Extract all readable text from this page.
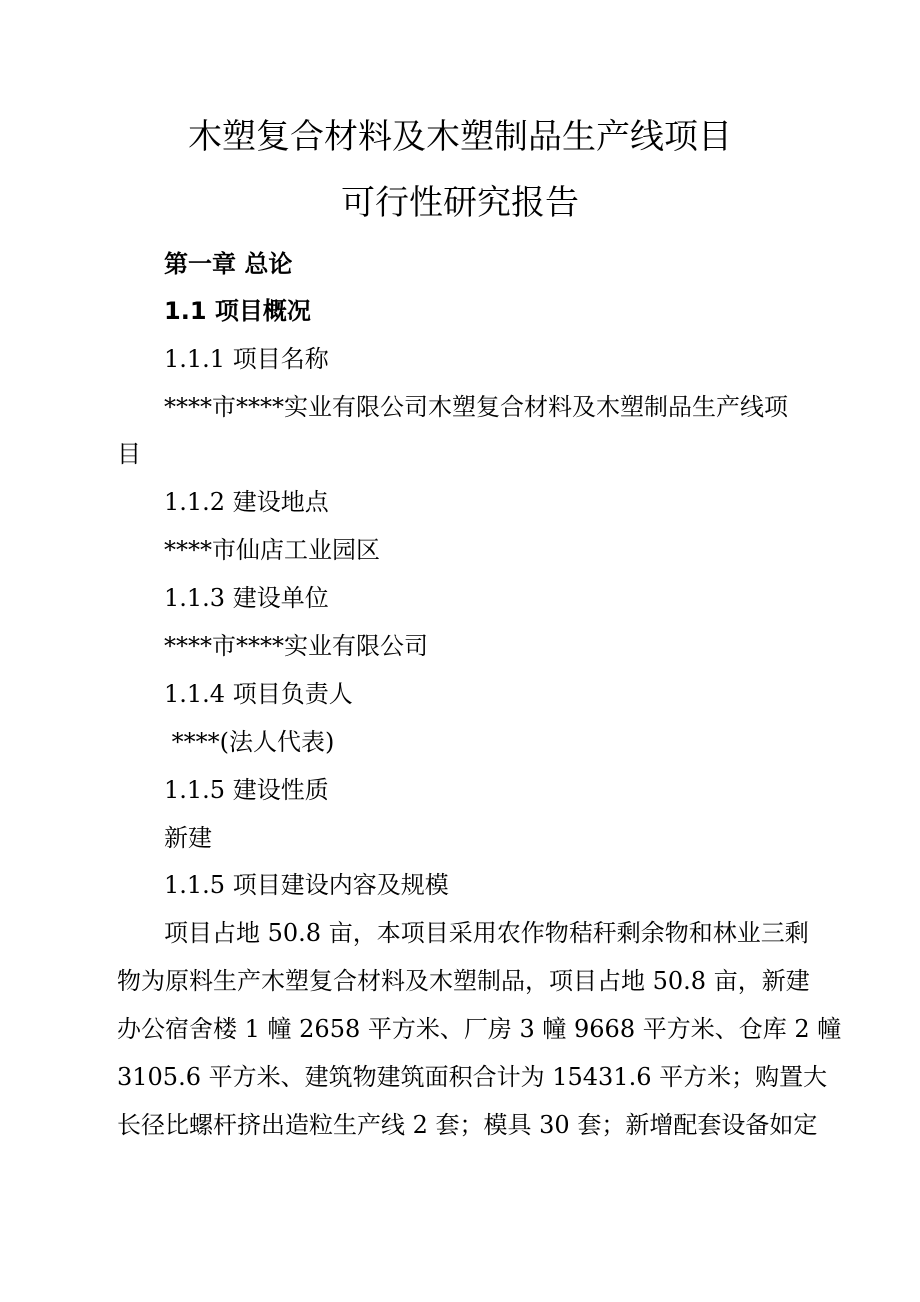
木塑复合材料及木塑制品生产线项目
可行性研究报告

第一章 总论

1.1 项目概况

1.1.1 项目名称

****市****实业有限公司木塑复合材料及木塑制品生产线项

目

1.1.2 建设地点

****市仙店工业园区

1.1.3 建设单位

****市****实业有限公司

1.1.4 项目负责人

****(法人代表)

1.1.5 建设性质

新建

1.1.5 项目建设内容及规模

项目占地 50.8 亩，本项目采用农作物秸秆剩余物和林业三剩

物为原料生产木塑复合材料及木塑制品，项目占地 50.8 亩，新建

办公宿舍楼 1 幢 2658 平方米、厂房 3 幢 9668 平方米、仓库 2 幢

3105.6 平方米、建筑物建筑面积合计为 15431.6 平方米；购置大

长径比螺杆挤出造粒生产线 2 套；模具 30 套；新增配套设备如定
